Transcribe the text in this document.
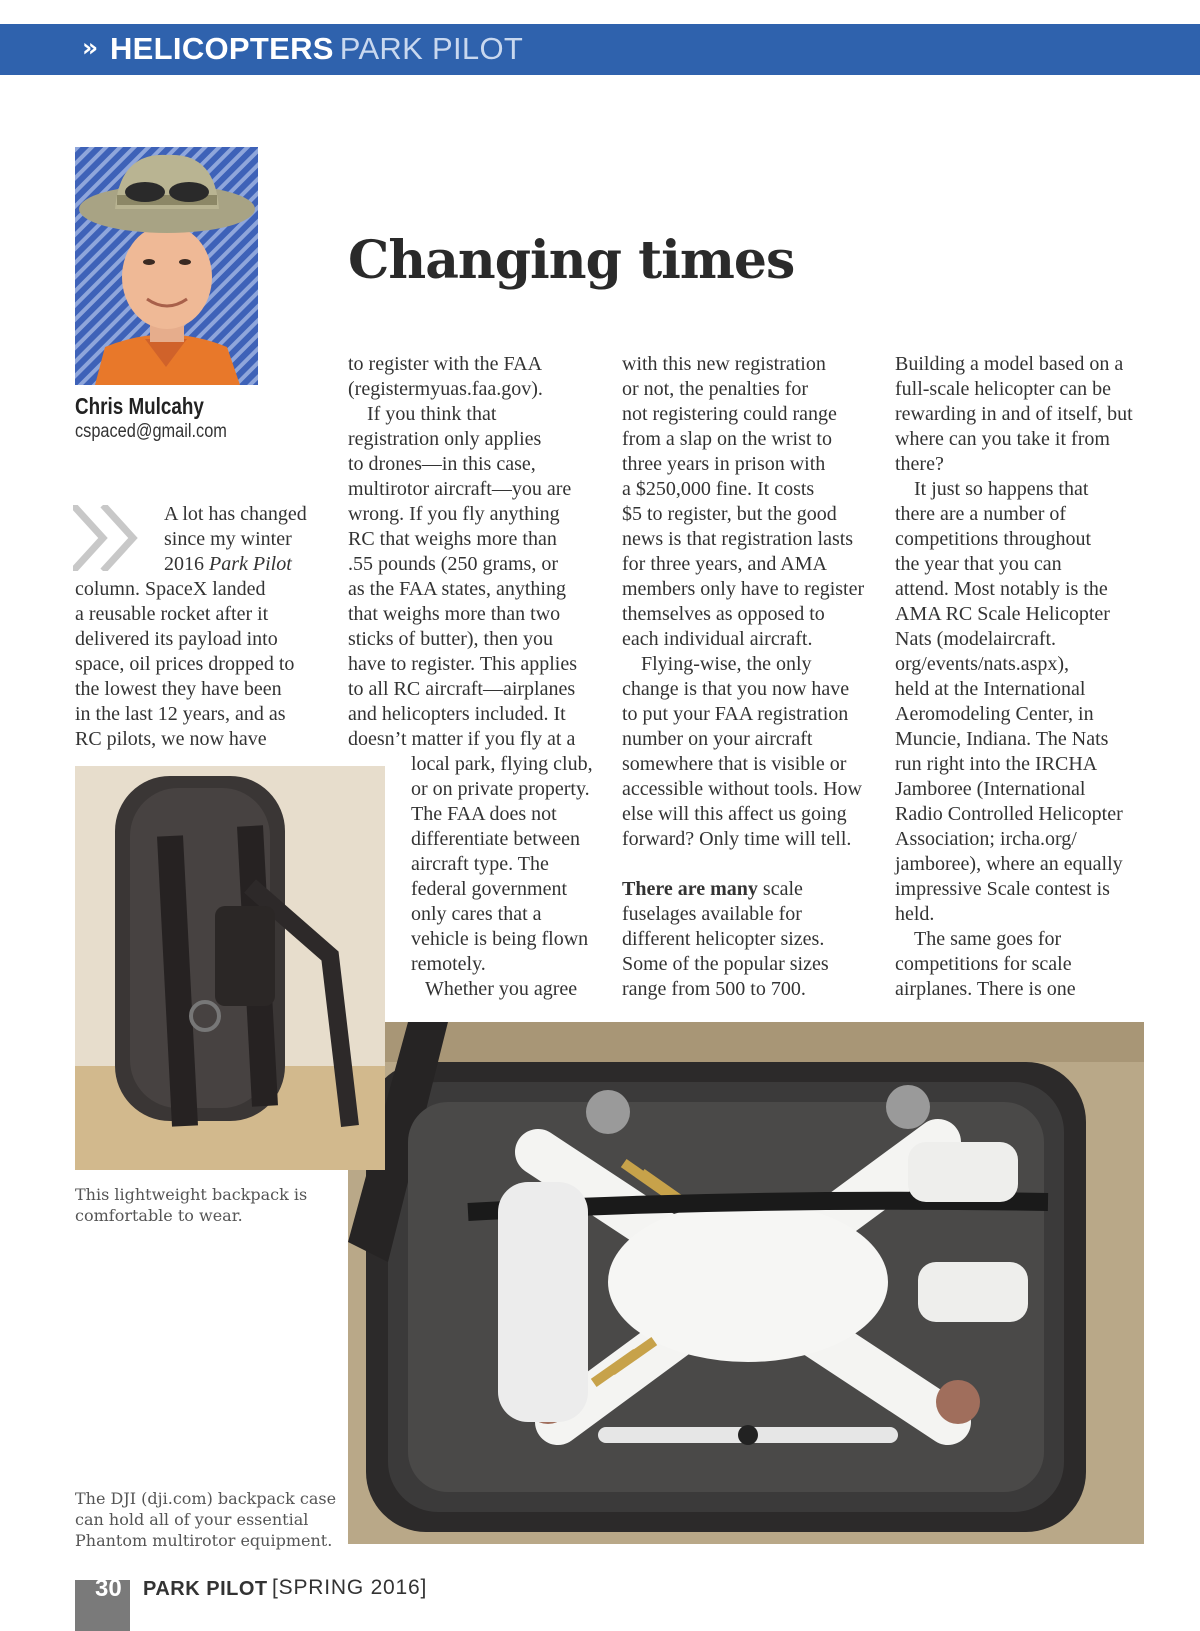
» HELICOPTERS PARK PILOT
Chris Mulcahy
cspaced@gmail.com
Changing times
A lot has changed
since my winter
2016 Park Pilot
column. SpaceX landed
a reusable rocket after it
delivered its payload into
space, oil prices dropped to
the lowest they have been
in the last 12 years, and as
RC pilots, we now have
to register with the FAA
(registermyuas.faa.gov).
If you think that
registration only applies
to drones—in this case,
multirotor aircraft—you are
wrong. If you fly anything
RC that weighs more than
.55 pounds (250 grams, or
as the FAA states, anything
that weighs more than two
sticks of butter), then you
have to register. This applies
to all RC aircraft—airplanes
and helicopters included. It
doesn’t matter if you fly at a
local park, flying club,
or on private property.
The FAA does not
differentiate between
aircraft type. The
federal government
only cares that a
vehicle is being flown
remotely.
Whether you agree
with this new registration
or not, the penalties for
not registering could range
from a slap on the wrist to
three years in prison with
a $250,000 fine. It costs
$5 to register, but the good
news is that registration lasts
for three years, and AMA
members only have to register
themselves as opposed to
each individual aircraft.
Flying-wise, the only
change is that you now have
to put your FAA registration
number on your aircraft
somewhere that is visible or
accessible without tools. How
else will this affect us going
forward? Only time will tell.
There are many scale
fuselages available for
different helicopter sizes.
Some of the popular sizes
range from 500 to 700.
Building a model based on a
full-scale helicopter can be
rewarding in and of itself, but
where can you take it from
there?
It just so happens that
there are a number of
competitions throughout
the year that you can
attend. Most notably is the
AMA RC Scale Helicopter
Nats (modelaircraft.
org/events/nats.aspx),
held at the International
Aeromodeling Center, in
Muncie, Indiana. The Nats
run right into the IRCHA
Jamboree (International
Radio Controlled Helicopter
Association; ircha.org/
jamboree), where an equally
impressive Scale contest is
held.
The same goes for
competitions for scale
airplanes. There is one
This lightweight backpack is comfortable to wear.
The DJI (dji.com) backpack case can hold all of your essential Phantom multirotor equipment.
30 PARK PILOT [SPRING 2016]
